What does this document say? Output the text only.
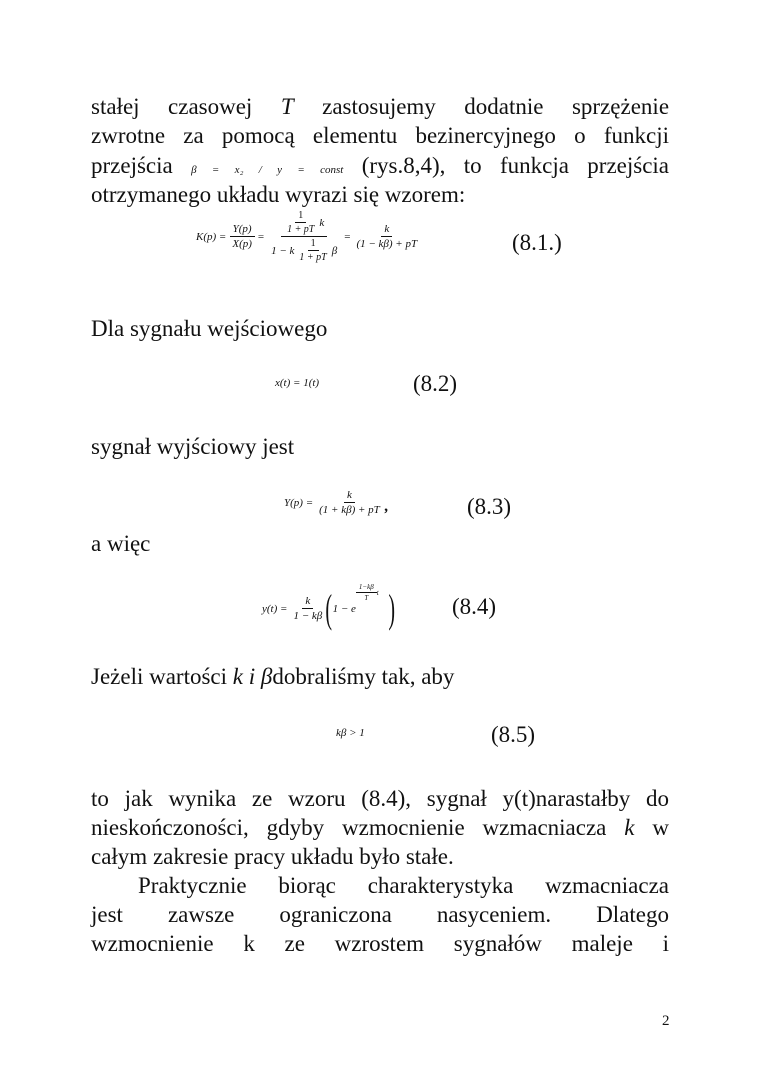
stałej czasowej T zastosujemy dodatnie sprzężenie

zwrotne za pomocą elementu bezinercyjnego o funkcji

przejścia β = x₂ / y = const (rys.8,4), to funkcja przejścia

otrzymanego układu wyrazi się wzorem:

$K(p) = \frac{Y(p)}{X(p)}$ =
$\frac{1}{1 + pT}$ k
1 − k $\frac{1}{1 + pT}$ β
= $\frac{k}{(1 - k\beta) + pT}$	(8.1.)

Dla sygnału wejściowego

x(t) = 1(t)	(8.2)

sygnał wyjściowy jest

$Y(p) = \frac{k}{(1 + k\beta) + pT}$ ,	(8.3)

a więc

$y(t) = \frac{k}{1 - k\beta}$ ( 1 − e
$\frac{1-k\beta}{T}$ t ) (8.4)

Jeżeli wartości k i βdobraliśmy tak, aby

kβ > 1	(8.5)

to jak wynika ze wzoru (8.4), sygnał y(t)narastałby do

nieskończoności, gdyby wzmocnienie wzmacniacza k w

całym zakresie pracy układu było stałe.

Praktycznie biorąc charakterystyka wzmacniacza

jest zawsze ograniczona nasyceniem. Dlatego

wzmocnienie k ze wzrostem sygnałów maleje i

2
